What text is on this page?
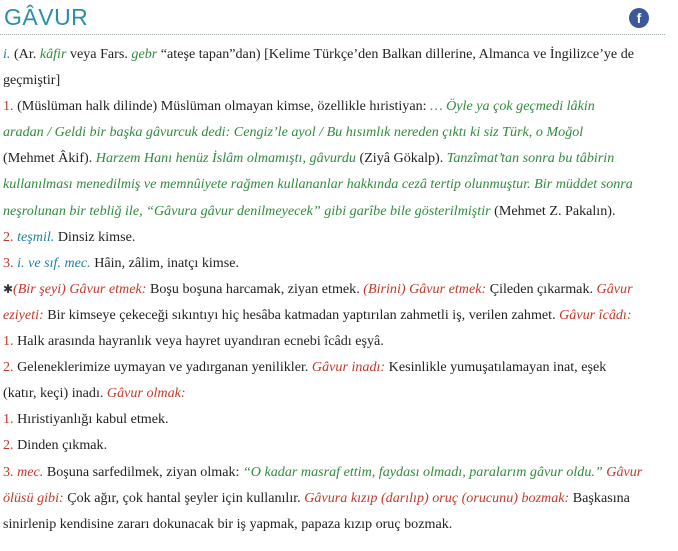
GÂVUR	f
i. (Ar. kâfir veya Fars. gebr “ateşe tapan”dan) [Kelime Türkçe’den Balkan dillerine, Almanca ve İngilizce’ye de
geçmiştir]
1. (Müslüman halk dilinde) Müslüman olmayan kimse, özellikle hıristiyan: … Öyle ya çok geçmedi lâkin
aradan / Geldi bir başka gâvurcuk dedi: Cengiz’le ayol / Bu hısımlık nereden çıktı ki siz Türk, o Moğol
(Mehmet Âkif). Harzem Hanı henüz İslâm olmamıştı, gâvurdu (Ziyâ Gökalp). Tanzîmat’tan sonra bu tâbirin
kullanılması menedilmiş ve memnûiyete rağmen kullananlar hakkında cezâ tertip olunmuştur. Bir müddet sonra
neşrolunan bir tebliğ ile, “Gâvura gâvur denilmeyecek” gibi garîbe bile gösterilmiştir (Mehmet Z. Pakalın).
2. teşmil. Dinsiz kimse.
3. i. ve sıf. mec. Hâin, zâlim, inatçı kimse.
✱(Bir şeyi) Gâvur etmek: Boşu boşuna harcamak, ziyan etmek. (Birini) Gâvur etmek: Çileden çıkarmak. Gâvur
eziyeti: Bir kimseye çekeceği sıkıntıyı hiç hesâba katmadan yaptırılan zahmetli iş, verilen zahmet. Gâvur îcâdı:
1. Halk arasında hayranlık veya hayret uyandıran ecnebi îcâdı eşyâ.
2. Geleneklerimize uymayan ve yadırganan yenilikler. Gâvur inadı: Kesinlikle yumuşatılamayan inat, eşek
(katır, keçi) inadı. Gâvur olmak:
1. Hıristiyanlığı kabul etmek.
2. Dinden çıkmak.
3. mec. Boşuna sarfedilmek, ziyan olmak: “O kadar masraf ettim, faydası olmadı, paralarım gâvur oldu.” Gâvur
ölüsü gibi: Çok ağır, çok hantal şeyler için kullanılır. Gâvura kızıp (darılıp) oruç (orucunu) bozmak: Başkasına
sinirlenip kendisine zararı dokunacak bir iş yapmak, papaza kızıp oruç bozmak.
